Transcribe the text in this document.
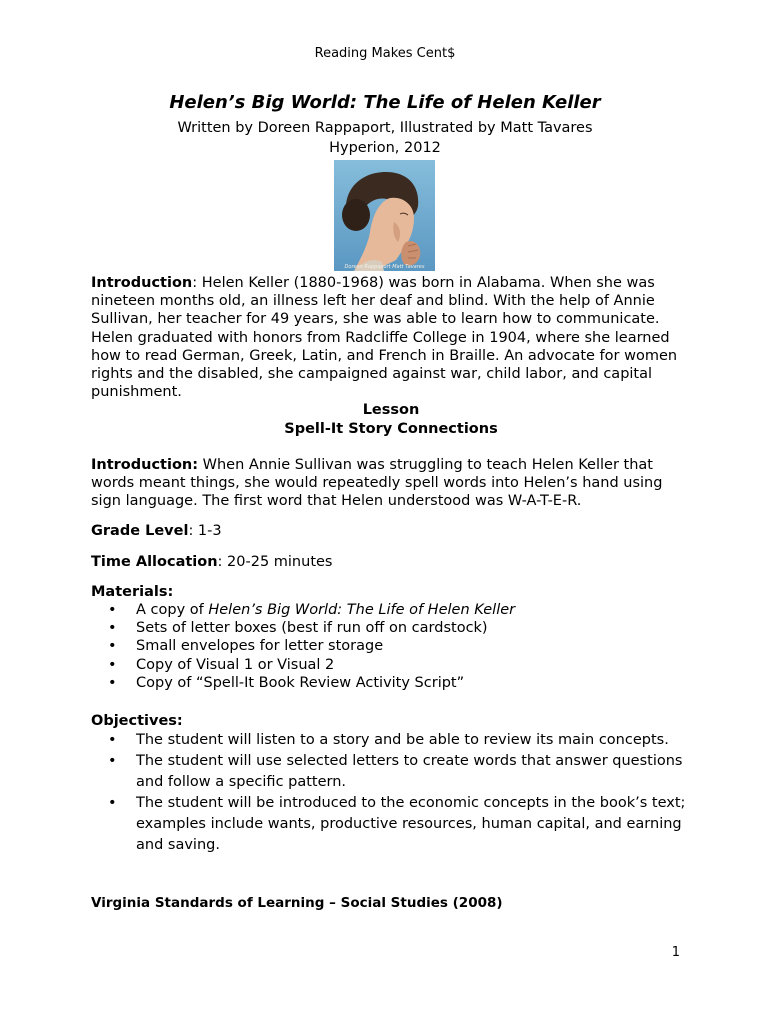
Reading Makes Cent$
Helen’s Big World: The Life of Helen Keller
Written by Doreen Rappaport, Illustrated by Matt Tavares
Hyperion, 2012
Doreen Rappaport Matt Tavares

Introduction: Helen Keller (1880-1968) was born in Alabama. When she was nineteen months old, an illness left her deaf and blind. With the help of Annie Sullivan, her teacher for 49 years, she was able to learn how to communicate. Helen graduated with honors from Radcliffe College in 1904, where she learned how to read German, Greek, Latin, and French in Braille. An advocate for women rights and the disabled, she campaigned against war, child labor, and capital punishment.

Lesson

Spell-It Story Connections

Introduction: When Annie Sullivan was struggling to teach Helen Keller that words meant things, she would repeatedly spell words into Helen’s hand using sign language. The first word that Helen understood was W-A-T-E-R.

Grade Level: 1-3

Time Allocation: 20-25 minutes

Materials:

• A copy of Helen’s Big World: The Life of Helen Keller
• Sets of letter boxes (best if run off on cardstock)
• Small envelopes for letter storage
• Copy of Visual 1 or Visual 2
• Copy of “Spell-It Book Review Activity Script”

Objectives:

• The student will listen to a story and be able to review its main concepts.
• The student will use selected letters to create words that answer questions and follow a specific pattern.
• The student will be introduced to the economic concepts in the book’s text; examples include wants, productive resources, human capital, and earning and saving.

Virginia Standards of Learning – Social Studies (2008)

1
